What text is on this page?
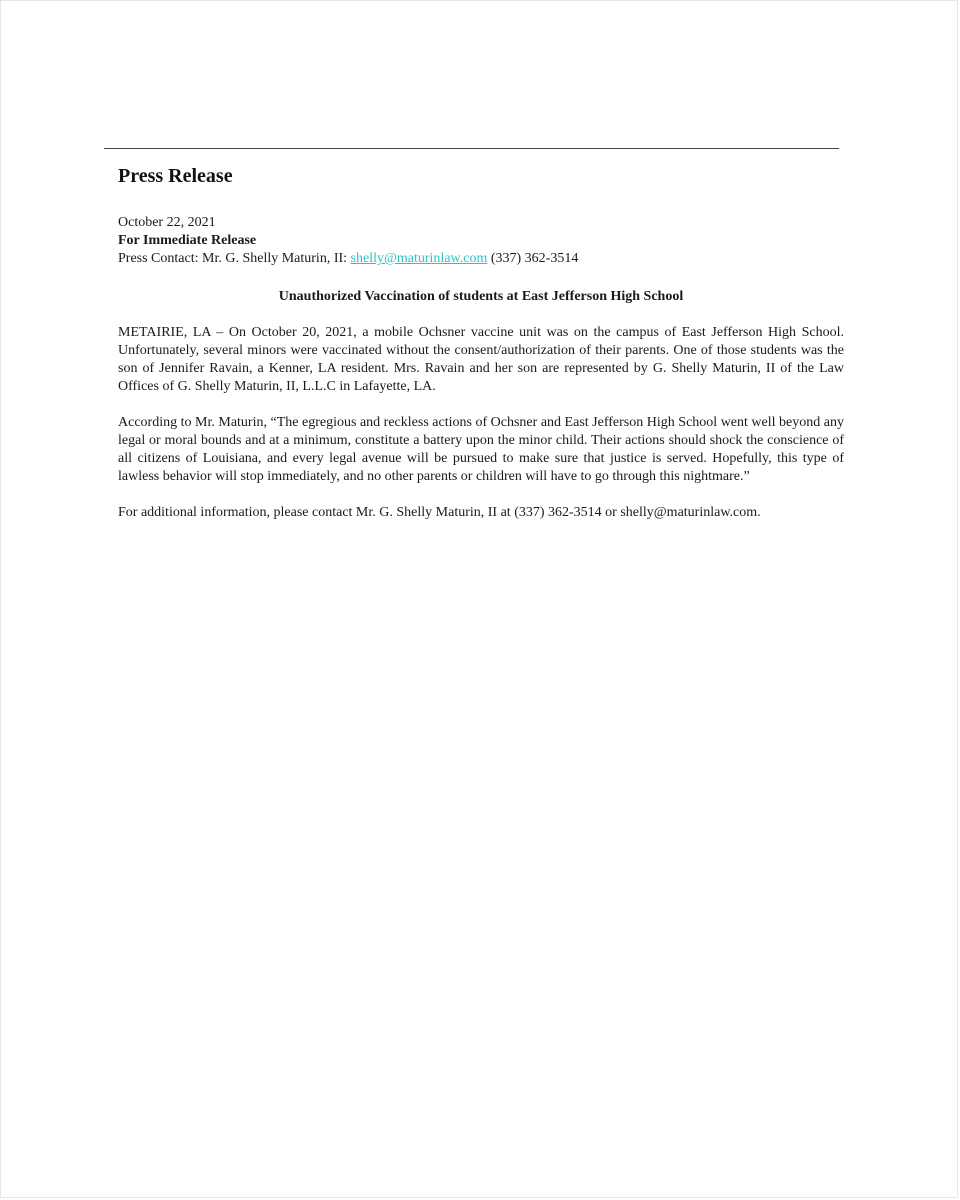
Press Release
October 22, 2021
For Immediate Release
Press Contact: Mr. G. Shelly Maturin, II: shelly@maturinlaw.com (337) 362-3514
Unauthorized Vaccination of students at East Jefferson High School

METAIRIE, LA – On October 20, 2021, a mobile Ochsner vaccine unit was on the campus of East Jefferson High School. Unfortunately, several minors were vaccinated without the consent/authorization of their parents. One of those students was the son of Jennifer Ravain, a Kenner, LA resident. Mrs. Ravain and her son are represented by G. Shelly Maturin, II of the Law Offices of G. Shelly Maturin, II, L.L.C in Lafayette, LA.

According to Mr. Maturin, “The egregious and reckless actions of Ochsner and East Jefferson High School went well beyond any legal or moral bounds and at a minimum, constitute a battery upon the minor child. Their actions should shock the conscience of all citizens of Louisiana, and every legal avenue will be pursued to make sure that justice is served. Hopefully, this type of lawless behavior will stop immediately, and no other parents or children will have to go through this nightmare.”

For additional information, please contact Mr. G. Shelly Maturin, II at (337) 362-3514 or shelly@maturinlaw.com.
